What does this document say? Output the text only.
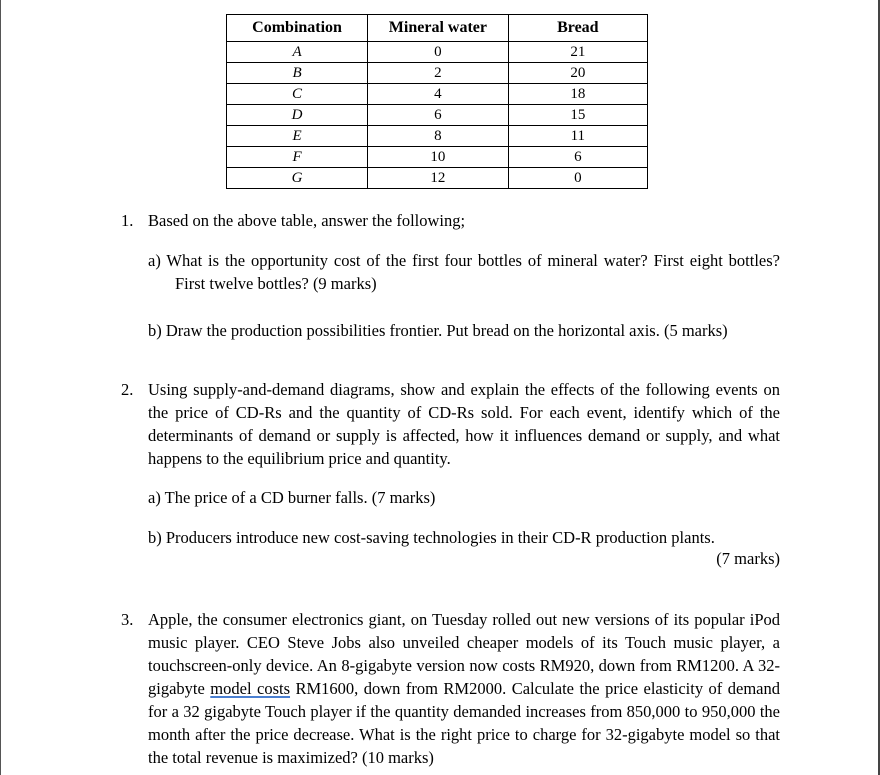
Combination	Mineral water	Bread
A	0	21
B	2	20
C	4	18
D	6	15
E	8	11
F	10	6
G	12	0
1. Based on the above table, answer the following;
a) What is the opportunity cost of the first four bottles of mineral water? First eight bottles? First twelve bottles? (9 marks)
b) Draw the production possibilities frontier. Put bread on the horizontal axis. (5 marks)
2. Using supply-and-demand diagrams, show and explain the effects of the following events on the price of CD-Rs and the quantity of CD-Rs sold. For each event, identify which of the determinants of demand or supply is affected, how it influences demand or supply, and what happens to the equilibrium price and quantity.
a) The price of a CD burner falls. (7 marks)
b) Producers introduce new cost-saving technologies in their CD-R production plants.
(7 marks)
3. Apple, the consumer electronics giant, on Tuesday rolled out new versions of its popular iPod music player. CEO Steve Jobs also unveiled cheaper models of its Touch music player, a touchscreen-only device. An 8-gigabyte version now costs RM920, down from RM1200. A 32-gigabyte model costs RM1600, down from RM2000. Calculate the price elasticity of demand for a 32 gigabyte Touch player if the quantity demanded increases from 850,000 to 950,000 the month after the price decrease. What is the right price to charge for 32-gigabyte model so that the total revenue is maximized? (10 marks)
